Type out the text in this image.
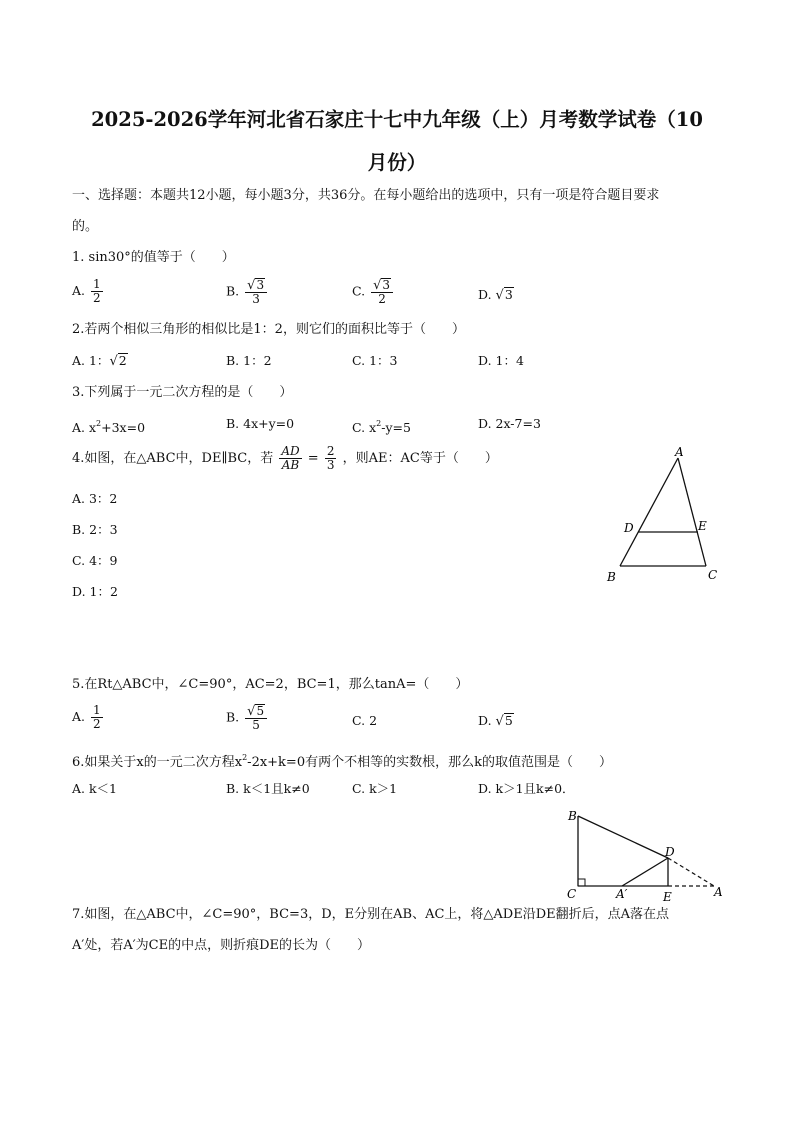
2025-2026学年河北省石家庄十七中九年级（上）月考数学试卷（10
月份）
一、选择题：本题共12小题，每小题3分，共36分。在每小题给出的选项中，只有一项是符合题目要求
的。
1. sin30°的值等于（　　）
A. $\frac{1}{2}$	B. $\frac{√3}{3}$	C. $\frac{√3}{2}$	D. √3
2.若两个相似三角形的相似比是1：2，则它们的面积比等于（　　）
A. 1：√2	B. 1：2	C. 1：3	D. 1：4
3.下列属于一元二次方程的是（　　）
A. $x^2+3x=0$	B. 4x+y=0	C. $x^2-y=5$	D. 2x-7=3
4.如图，在△ABC中，DE∥BC，若 $\frac{AD}{AB} = \frac{2}{3}$ ，则AE：AC等于（　　）
A. 3：2
B. 2：3
C. 4：9
D. 1：2
A
D	E
B	C
5.在Rt△ABC中，∠C=90°，AC=2，BC=1，那么tanA=（　　）
A. $\frac{1}{2}$	B. $\frac{√5}{5}$	C. 2	D. √5
6.如果关于x的一元二次方程$x^2-2x+k=0$有两个不相等的实数根，那么k的取值范围是（　　）
A. k＜1	B. k＜1且k≠0	C. k＞1	D. k＞1且k≠0．
B
C
D
A′	E	A
7.如图，在△ABC中，∠C=90°，BC=3，D，E分别在AB、AC上，将△ADE沿DE翻折后，点A落在点
A′处，若A′为CE的中点，则折痕DE的长为（　　）
